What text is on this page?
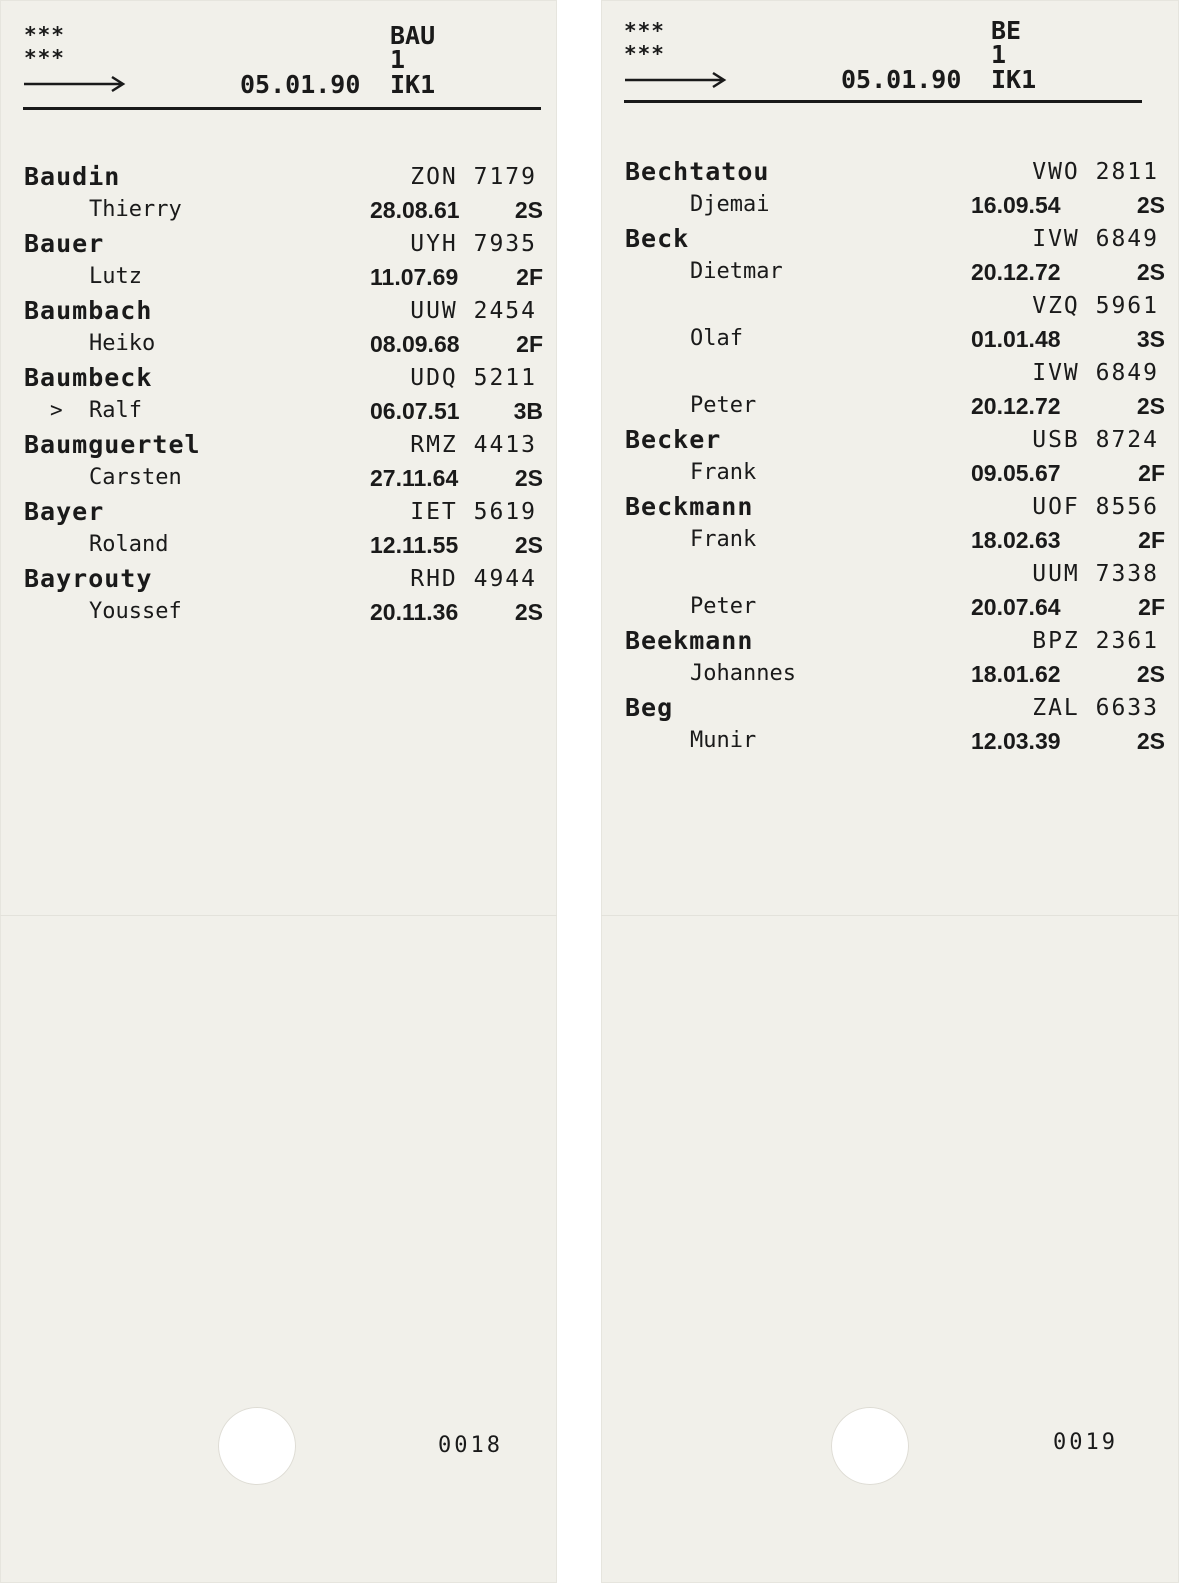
***
***
BAU
1
05.01.90 IK1
Baudin	ZON 7179
Thierry	28.08.61 2S
Bauer	UYH 7935
Lutz	11.07.69	2F
Baumbach	UUW 2454
Heiko	08.09.68 2F
Baumbeck	UDQ 5211
> Ralf	06.07.51 3B
Baumguertel	RMZ 4413
Carsten	27.11.64 2S
Bayer	IET 5619
Roland	12.11.55 2S
Bayrouty	RHD 4944
Youssef	20.11.36 2S
0018
***
***
BE
1
05.01.90 IK1
Bechtatou	VWO 2811
Djemai	16.09.54	2S
Beck	IVW 6849
Dietmar	20.12.72	2S
VZQ 5961
Olaf	01.01.48	3S
IVW 6849
Peter	20.12.72	2S
Becker	USB 8724
Frank	09.05.67	2F
Beckmann	UOF 8556
Frank	18.02.63	2F
UUM 7338
Peter	20.07.64	2F
Beekmann	BPZ 2361
Johannes	18.01.62	2S
Beg	ZAL 6633
Munir	12.03.39	2S
0019
